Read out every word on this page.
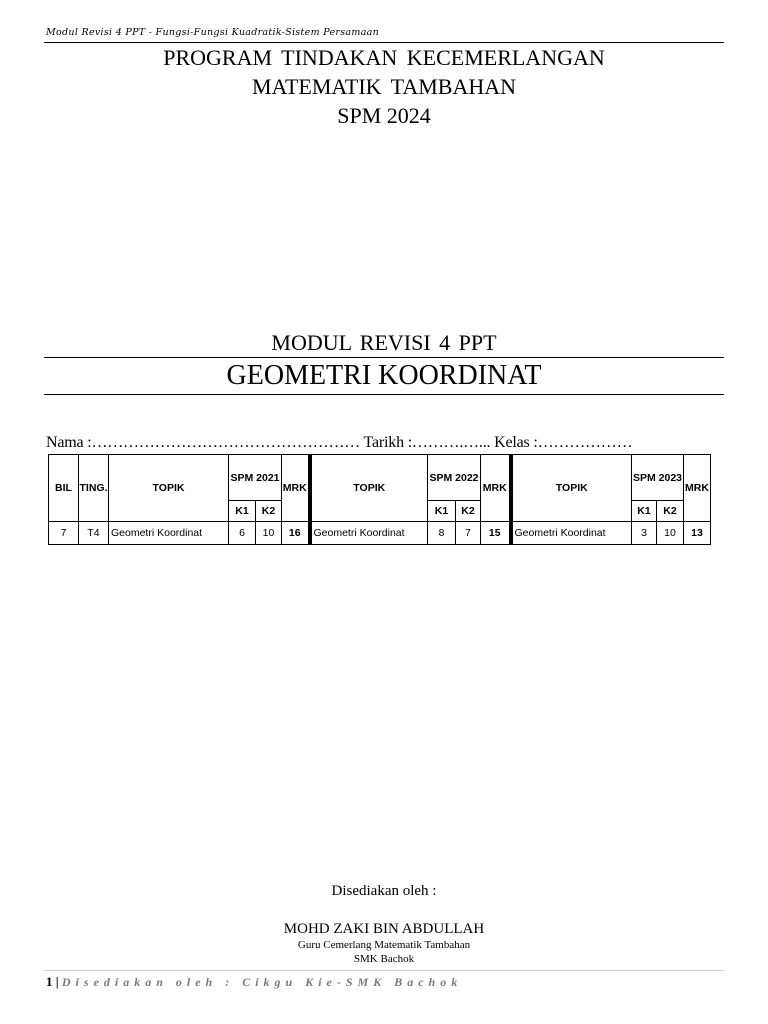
Modul Revisi 4 PPT - Fungsi-Fungsi Kuadratik-Sistem Persamaan
PROGRAM TINDAKAN KECEMERLANGAN
MATEMATIK TAMBAHAN
SPM 2024
MODUL REVISI 4 PPT
GEOMETRI KOORDINAT
Nama :…………………………………………… Tarikh :……….…... Kelas :………………
BIL	TING.	TOPIK	SPM 2021		MRK	TOPIK	SPM 2022		MRK	TOPIK	SPM 2023		MRK
			K1	K2			K1	K2			K1	K2	
7	T4	Geometri Koordinat	6	10	16	Geometri Koordinat	8	7	15	Geometri Koordinat	3	10	13
Disediakan oleh :
MOHD ZAKI BIN ABDULLAH
Guru Cemerlang Matematik Tambahan
SMK Bachok
1 | Disediakan oleh : Cikgu Kie-SMK Bachok
